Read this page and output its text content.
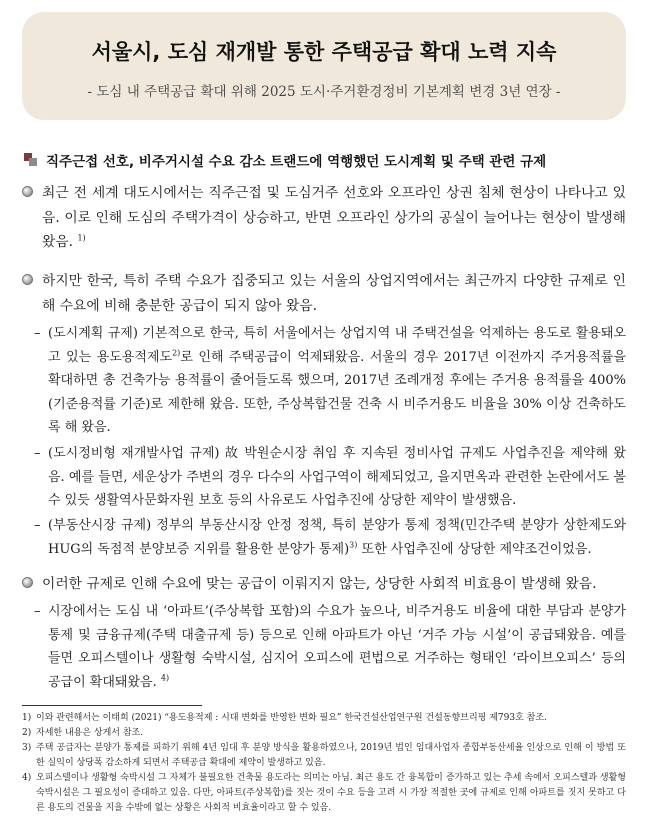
서울시, 도심 재개발 통한 주택공급 확대 노력 지속
- 도심 내 주택공급 확대 위해 2025 도시·주거환경정비 기본계획 변경 3년 연장 -
직주근접 선호, 비주거시설 수요 감소 트랜드에 역행했던 도시계획 및 주택 관련 규제
최근 전 세계 대도시에서는 직주근접 및 도심거주 선호와 오프라인 상권 침체 현상이 나타나고 있음. 이로 인해 도심의 주택가격이 상승하고, 반면 오프라인 상가의 공실이 늘어나는 현상이 발생해 왔음. $^{1)}$
하지만 한국, 특히 주택 수요가 집중되고 있는 서울의 상업지역에서는 최근까지 다양한 규제로 인해 수요에 비해 충분한 공급이 되지 않아 왔음.
– (도시계획 규제) 기본적으로 한국, 특히 서울에서는 상업지역 내 주택건설을 억제하는 용도로 활용돼오고 있는 용도용적제도$^{2)}$로 인해 주택공급이 억제돼왔음. 서울의 경우 2017년 이전까지 주거용적률을 확대하면 총 건축가능 용적률이 줄어들도록 했으며, 2017년 조례개정 후에는 주거용 용적률을 400%(기준용적률 기준)로 제한해 왔음. 또한, 주상복합건물 건축 시 비주거용도 비율을 30% 이상 건축하도록 해 왔음.
– (도시정비형 재개발사업 규제) 故 박원순시장 취임 후 지속된 정비사업 규제도 사업추진을 제약해 왔음. 예를 들면, 세운상가 주변의 경우 다수의 사업구역이 해제되었고, 을지면옥과 관련한 논란에서도 볼 수 있듯 생활역사문화자원 보호 등의 사유로도 사업추진에 상당한 제약이 발생했음.
– (부동산시장 규제) 정부의 부동산시장 안정 정책, 특히 분양가 통제 정책(민간주택 분양가 상한제도와 HUG의 독점적 분양보증 지위를 활용한 분양가 통제)$^{3)}$ 또한 사업추진에 상당한 제약조건이었음.
이러한 규제로 인해 수요에 맞는 공급이 이뤄지지 않는, 상당한 사회적 비효용이 발생해 왔음.
– 시장에서는 도심 내 ‘아파트’(주상복합 포함)의 수요가 높으나, 비주거용도 비율에 대한 부담과 분양가 통제 및 금융규제(주택 대출규제 등) 등으로 인해 아파트가 아닌 ‘거주 가능 시설’이 공급돼왔음. 예를 들면 오피스텔이나 생활형 숙박시설, 심지어 오피스에 편법으로 거주하는 형태인 ‘라이브오피스’ 등의 공급이 확대돼왔음. $^{4)}$
1) 이와 관련해서는 이태희 (2021) “용도용적제 : 시대 변화를 반영한 변화 필요” 한국건설산업연구원 건설동향브리핑 제793호 참조.
2) 자세한 내용은 상게서 참조.
3) 주택 공급자는 분양가 통제를 피하기 위해 4년 임대 후 분양 방식을 활용하였으나, 2019년 법인 임대사업자 종합부동산세율 인상으로 인해 이 방법 또한 실익이 상당폭 감소하게 되면서 주택공급 확대에 제약이 발생하고 있음.
4) 오피스텔이나 생활형 숙박시설 그 자체가 불필요한 건축물 용도라는 의미는 아님. 최근 용도 간 융복합이 증가하고 있는 추세 속에서 오피스텔과 생활형 숙박시설은 그 필요성이 증대하고 있음. 다만, 아파트(주상복합)를 짓는 것이 수요 등을 고려 시 가장 적절한 곳에 규제로 인해 아파트를 짓지 못하고 다른 용도의 건물을 지을 수밖에 없는 상황은 사회적 비효율이라고 할 수 있음.
